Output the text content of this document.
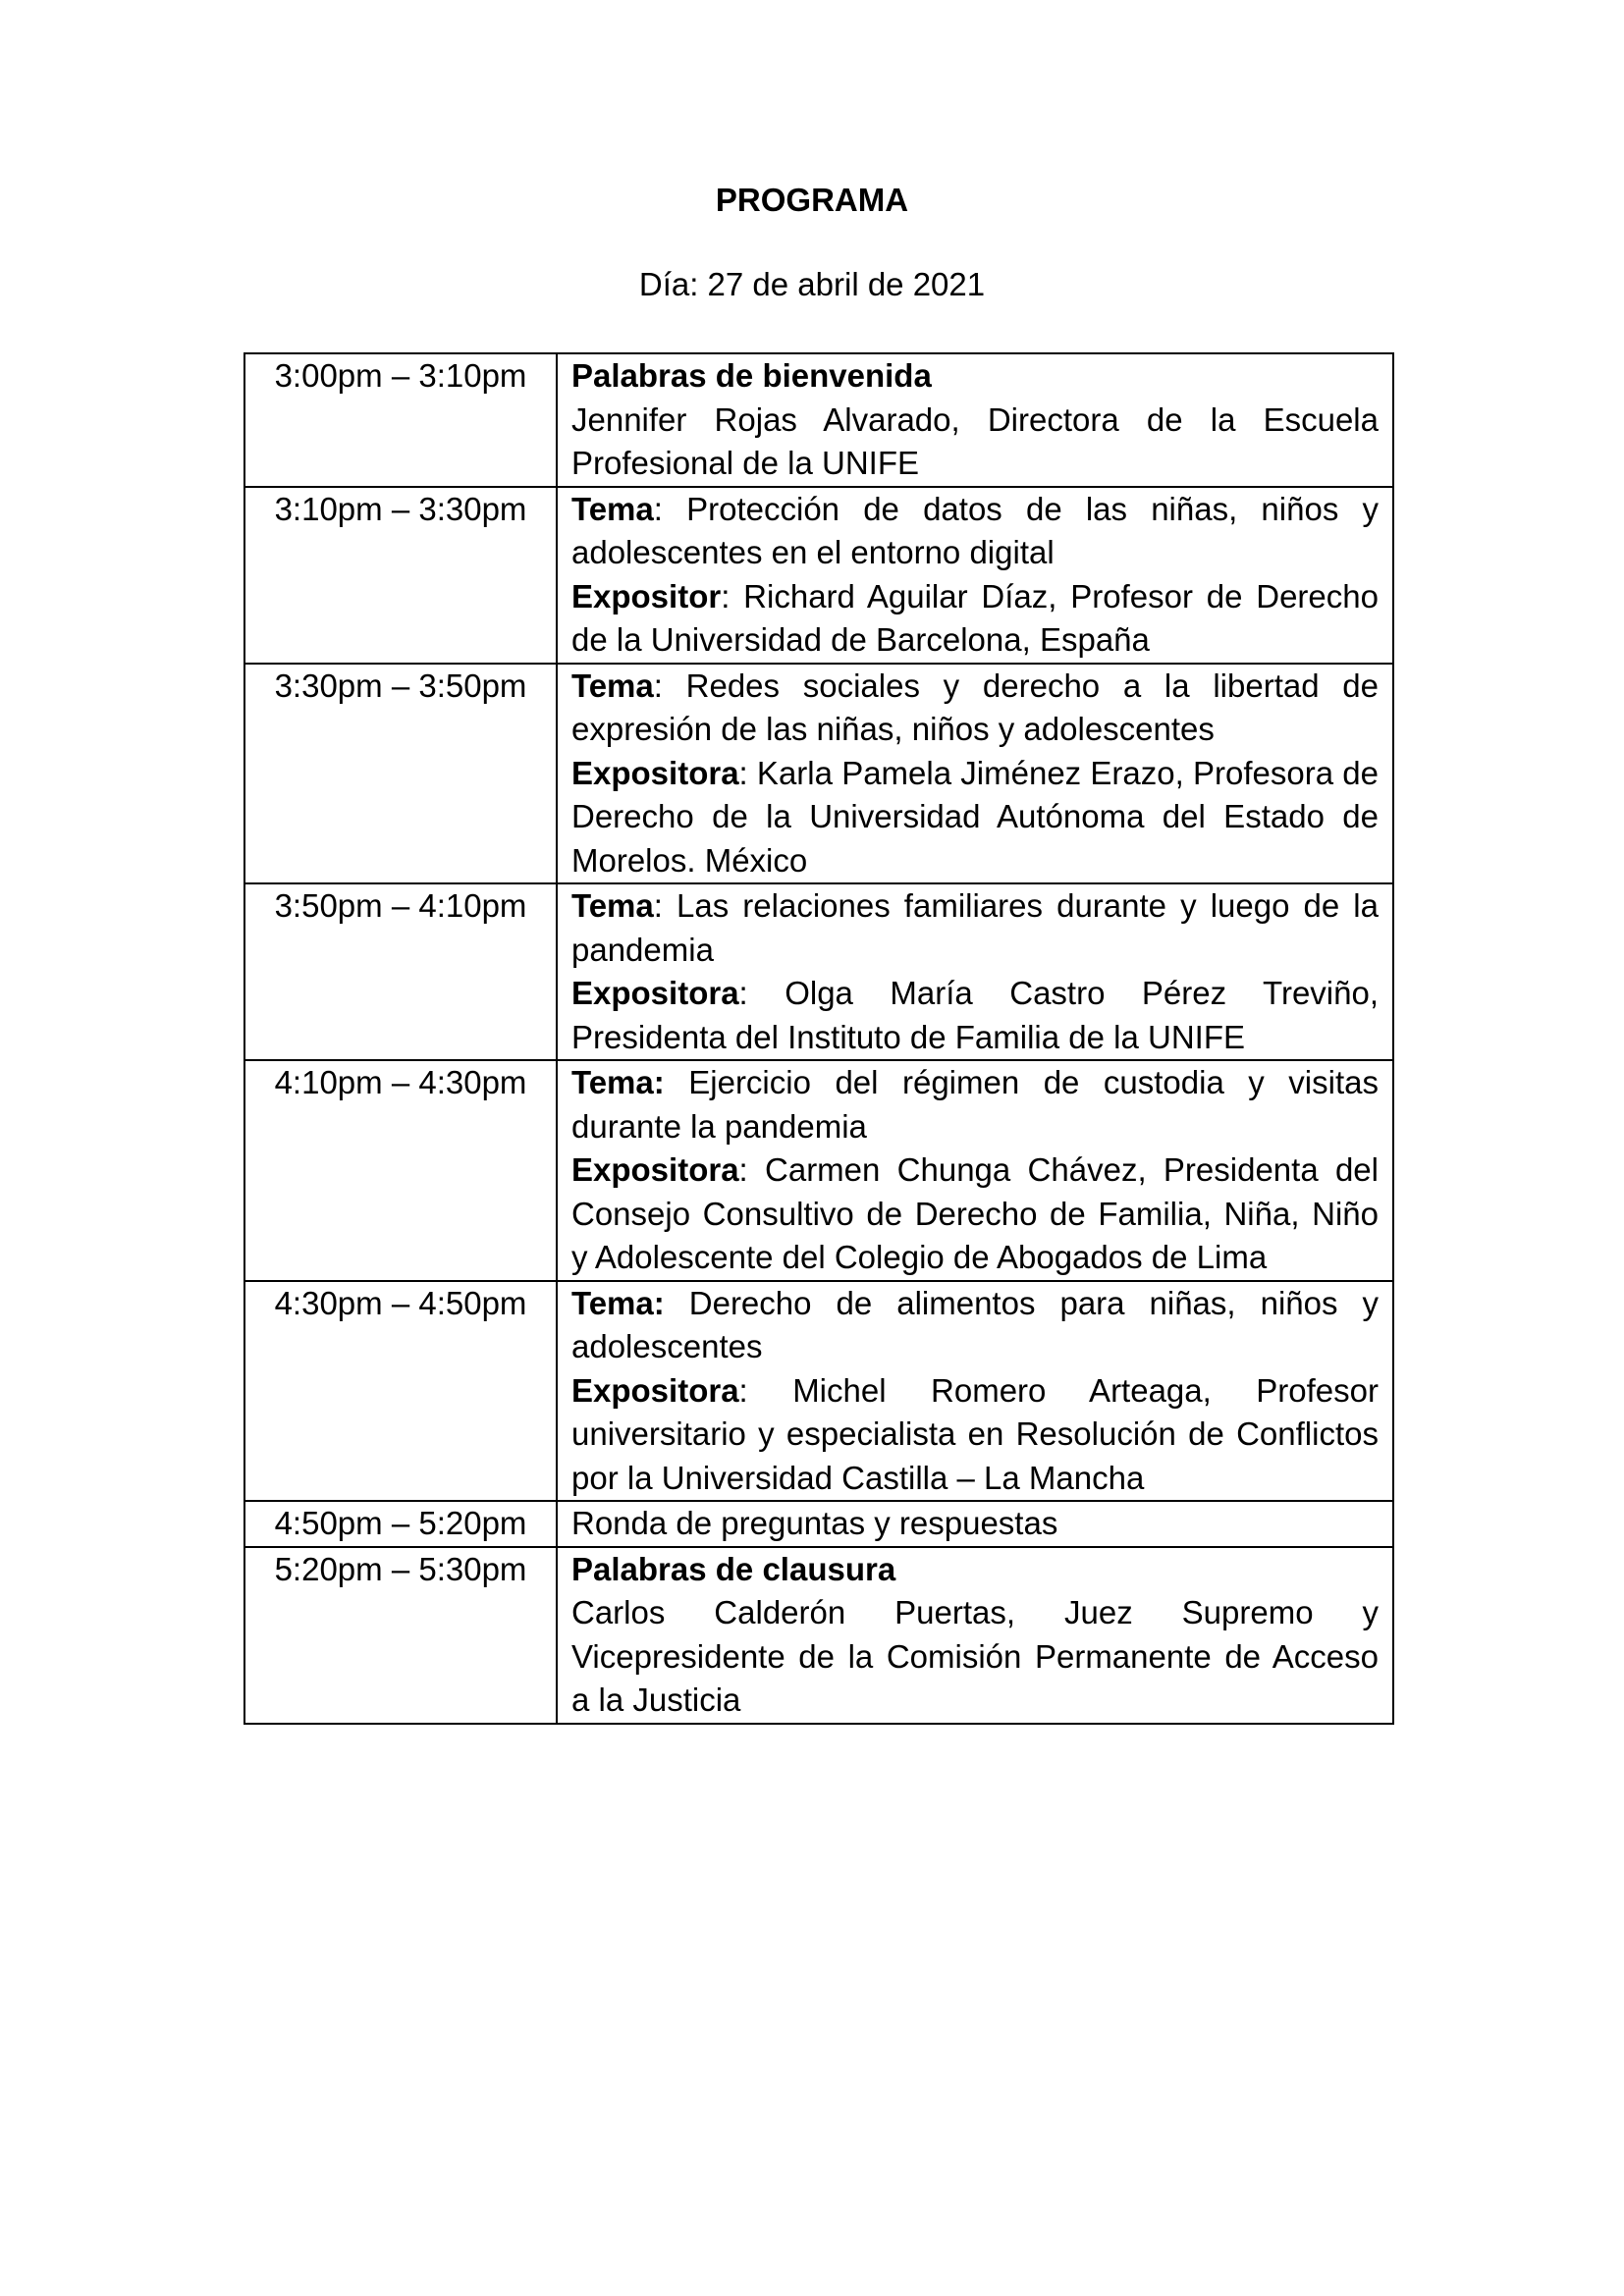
PROGRAMA
Día: 27 de abril de 2021
3:00pm – 3:10pm	Palabras de bienvenida
Jennifer Rojas Alvarado, Directora de la Escuela Profesional de la UNIFE

3:10pm – 3:30pm	Tema: Protección de datos de las niñas, niños y adolescentes en el entorno digital
Expositor: Richard Aguilar Díaz, Profesor de Derecho de la Universidad de Barcelona, España

3:30pm – 3:50pm	Tema: Redes sociales y derecho a la libertad de expresión de las niñas, niños y adolescentes
Expositora: Karla Pamela Jiménez Erazo, Profesora de Derecho de la Universidad Autónoma del Estado de Morelos. México

3:50pm – 4:10pm	Tema: Las relaciones familiares durante y luego de la pandemia
Expositora: Olga María Castro Pérez Treviño, Presidenta del Instituto de Familia de la UNIFE

4:10pm – 4:30pm	Tema: Ejercicio del régimen de custodia y visitas durante la pandemia
Expositora: Carmen Chunga Chávez, Presidenta del Consejo Consultivo de Derecho de Familia, Niña, Niño y Adolescente del Colegio de Abogados de Lima

4:30pm – 4:50pm	Tema: Derecho de alimentos para niñas, niños y adolescentes
Expositora: Michel Romero Arteaga, Profesor universitario y especialista en Resolución de Conflictos por la Universidad Castilla – La Mancha

4:50pm – 5:20pm	Ronda de preguntas y respuestas

5:20pm – 5:30pm	Palabras de clausura
Carlos Calderón Puertas, Juez Supremo y Vicepresidente de la Comisión Permanente de Acceso a la Justicia
